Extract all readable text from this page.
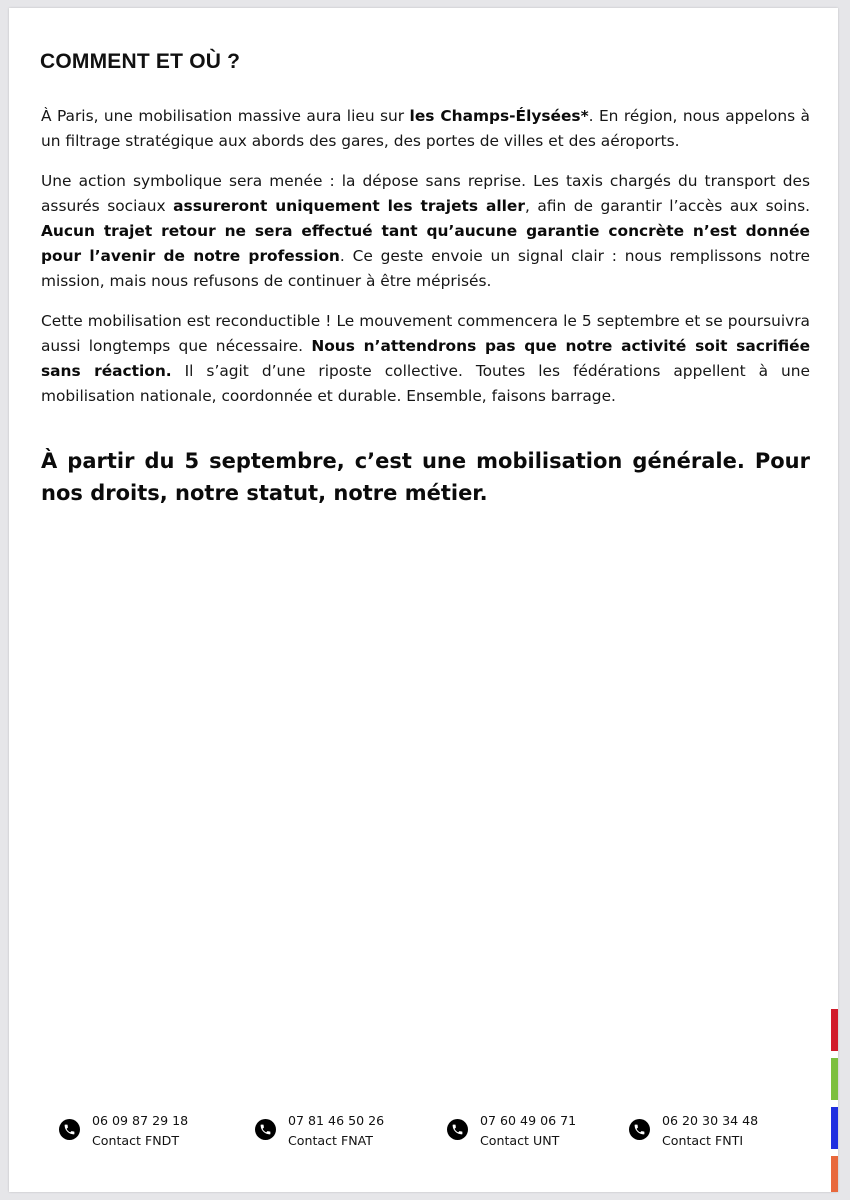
COMMENT ET OÙ ?

À Paris, une mobilisation massive aura lieu sur les Champs-Élysées*. En région, nous appelons à un filtrage stratégique aux abords des gares, des portes de villes et des aéroports.

Une action symbolique sera menée : la dépose sans reprise. Les taxis chargés du transport des assurés sociaux assureront uniquement les trajets aller, afin de garantir l’accès aux soins. Aucun trajet retour ne sera effectué tant qu’aucune garantie concrète n’est donnée pour l’avenir de notre profession. Ce geste envoie un signal clair : nous remplissons notre mission, mais nous refusons de continuer à être méprisés.

Cette mobilisation est reconductible ! Le mouvement commencera le 5 septembre et se poursuivra aussi longtemps que nécessaire. Nous n’attendrons pas que notre activité soit sacrifiée sans réaction. Il s’agit d’une riposte collective. Toutes les fédérations appellent à une mobilisation nationale, coordonnée et durable. Ensemble, faisons barrage.

À partir du 5 septembre, c’est une mobilisation générale. Pour nos droits, notre statut, notre métier.

06 09 87 29 18
Contact FNDT
07 81 46 50 26
Contact FNAT
07 60 49 06 71
Contact UNT
06 20 30 34 48
Contact FNTI
